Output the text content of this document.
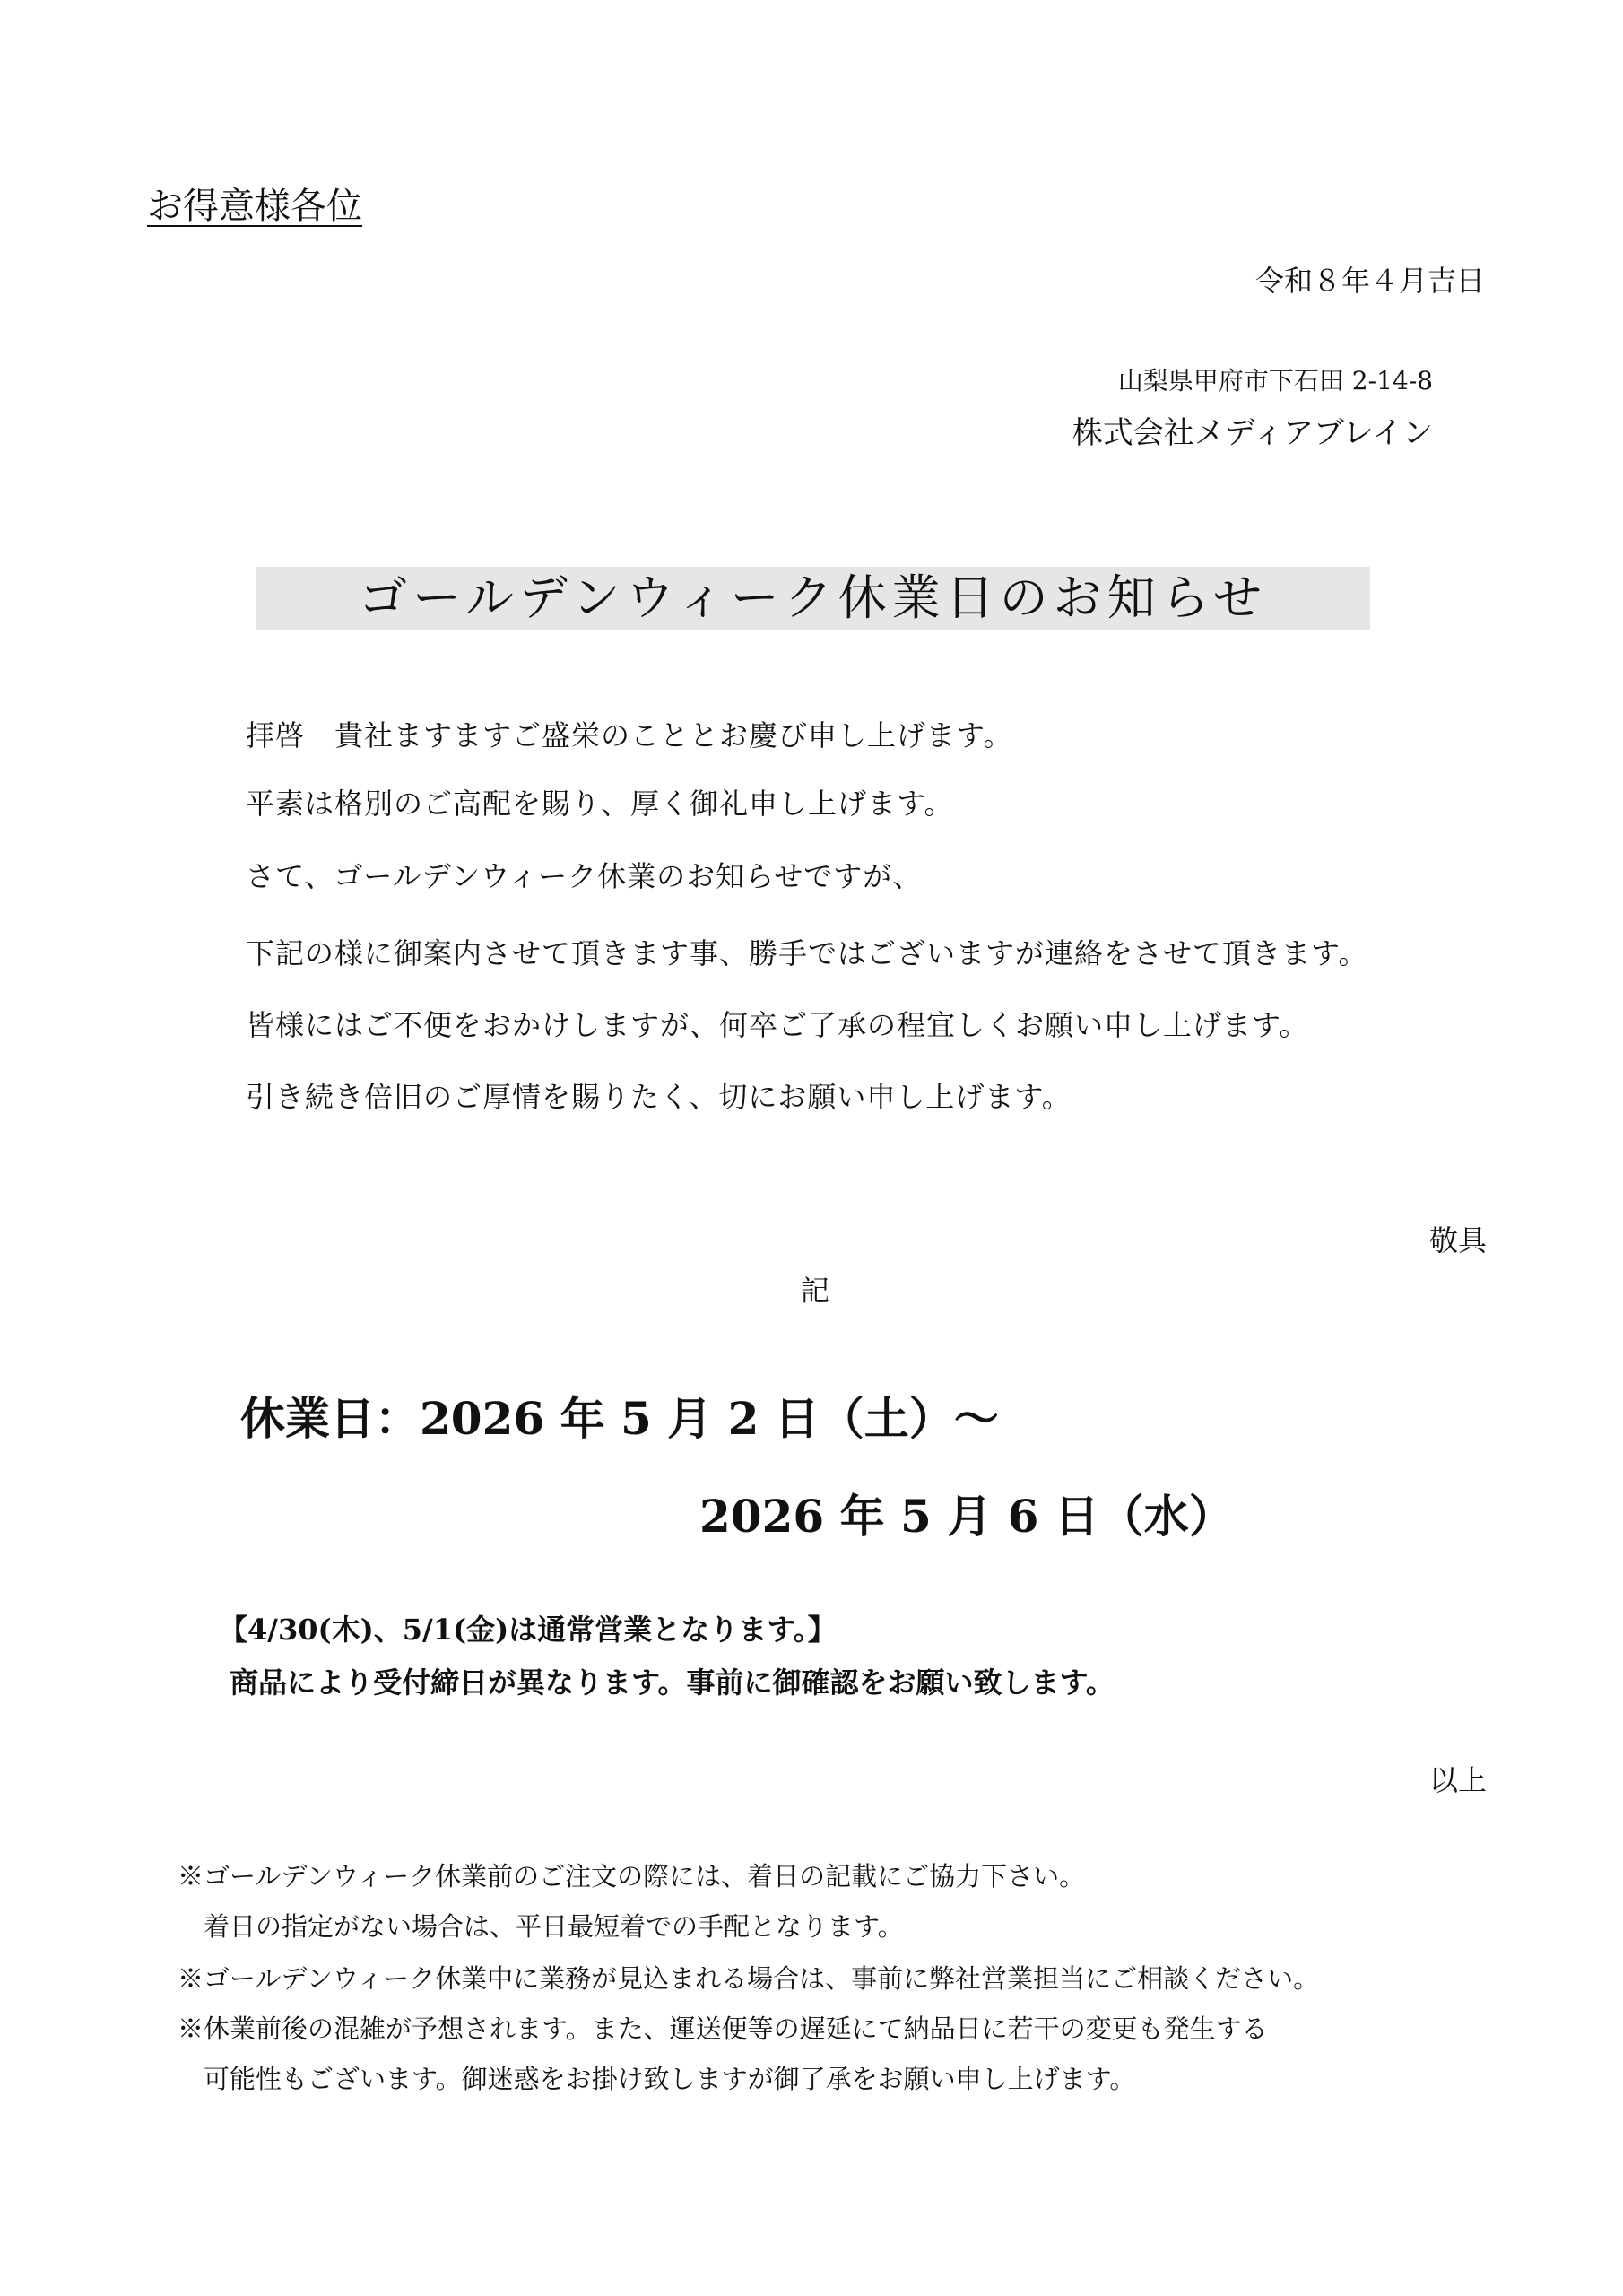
お得意様各位
令和８年４月吉日
山梨県甲府市下石田 2-14-8
株式会社メディアブレイン
ゴールデンウィーク休業日のお知らせ
拝啓　貴社ますますご盛栄のこととお慶び申し上げます。
平素は格別のご高配を賜り、厚く御礼申し上げます。
さて、ゴールデンウィーク休業のお知らせですが、
下記の様に御案内させて頂きます事、勝手ではございますが連絡をさせて頂きます。
皆様にはご不便をおかけしますが、何卒ご了承の程宜しくお願い申し上げます。
引き続き倍旧のご厚情を賜りたく、切にお願い申し上げます。
敬具
記
休業日：2026 年 5 月 2 日（土）～
2026 年 5 月 6 日（水）
【4/30(木)、5/1(金)は通常営業となります。】
商品により受付締日が異なります。事前に御確認をお願い致します。
以上
※ゴールデンウィーク休業前のご注文の際には、着日の記載にご協力下さい。
　着日の指定がない場合は、平日最短着での手配となります。
※ゴールデンウィーク休業中に業務が見込まれる場合は、事前に弊社営業担当にご相談ください。
※休業前後の混雑が予想されます。また、運送便等の遅延にて納品日に若干の変更も発生する
　可能性もございます。御迷惑をお掛け致しますが御了承をお願い申し上げます。
